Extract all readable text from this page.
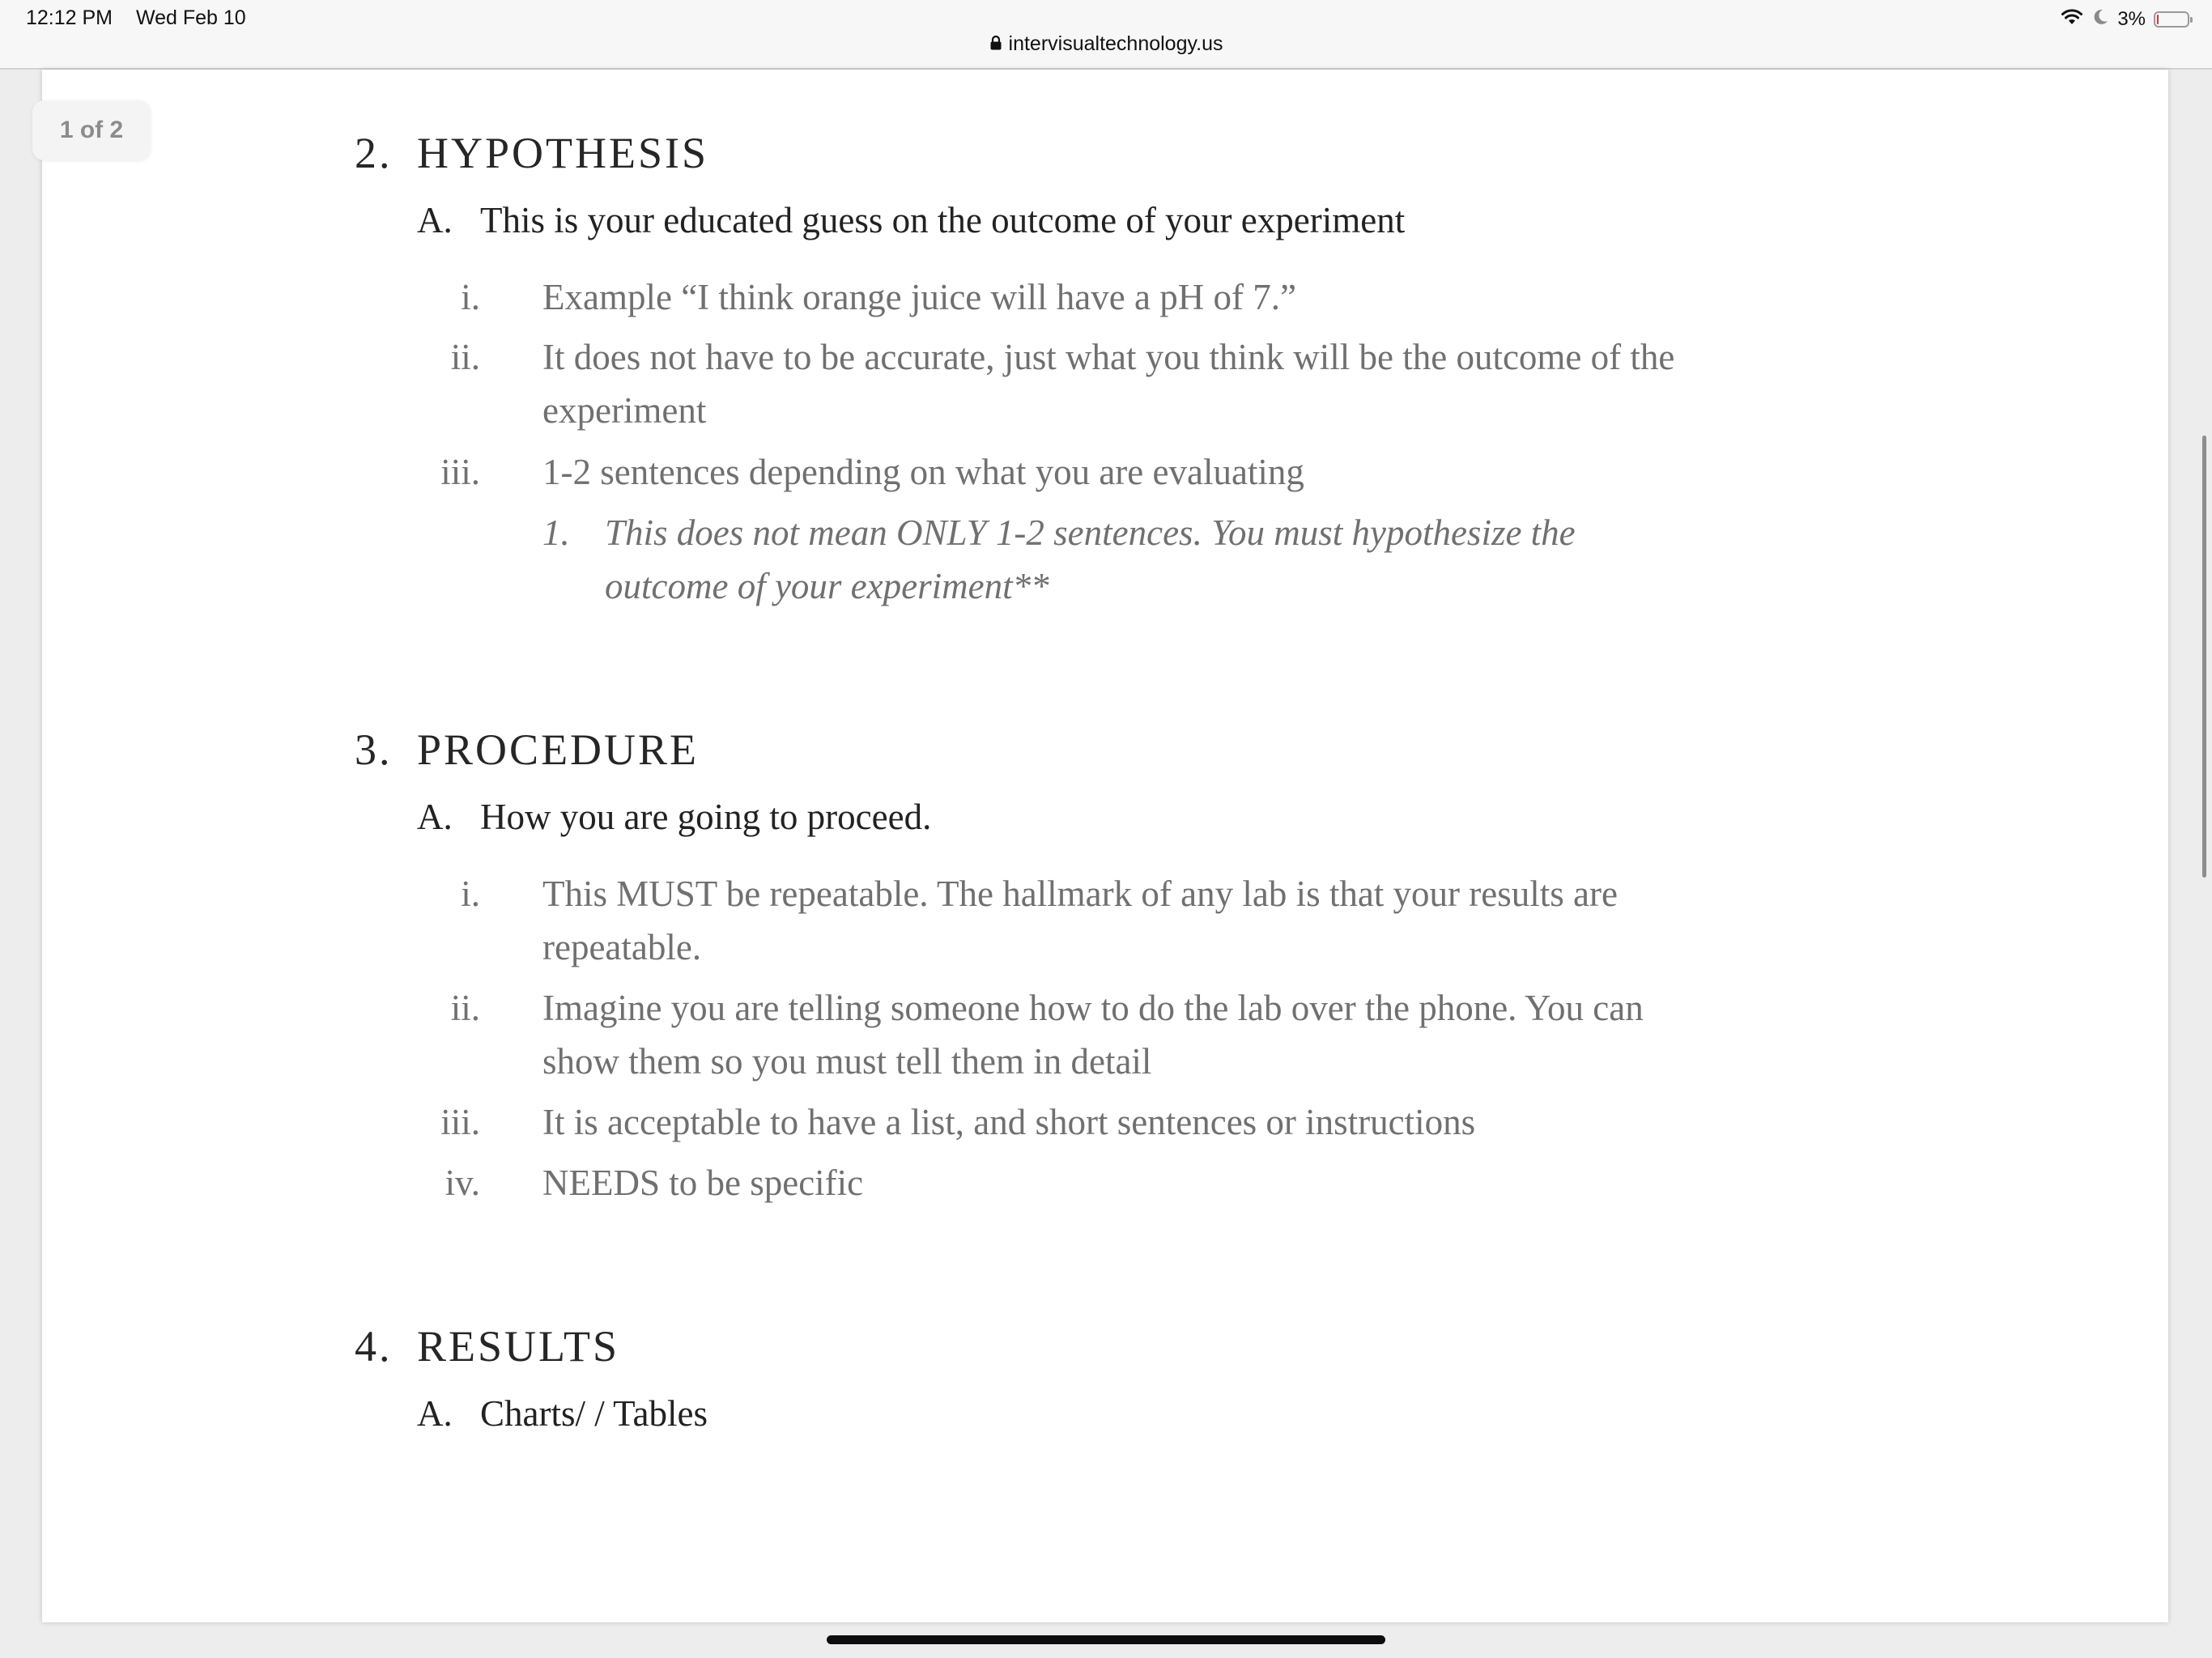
12:12 PM Wed Feb 10	3%
intervisualtechnology.us
1 of 2	2. HYPOTHESIS
A. This is your educated guess on the outcome of your experiment
i. Example “I think orange juice will have a pH of 7.”
ii. It does not have to be accurate, just what you think will be the outcome of the
experiment
iii. 1-2 sentences depending on what you are evaluating
1. This does not mean ONLY 1-2 sentences. You must hypothesize the
outcome of your experiment**
3. PROCEDURE
A. How you are going to proceed.
i. This MUST be repeatable. The hallmark of any lab is that your results are
repeatable.
ii. Imagine you are telling someone how to do the lab over the phone. You can
show them so you must tell them in detail
iii. It is acceptable to have a list, and short sentences or instructions
iv. NEEDS to be specific
4. RESULTS
A. Charts/ / Tables
